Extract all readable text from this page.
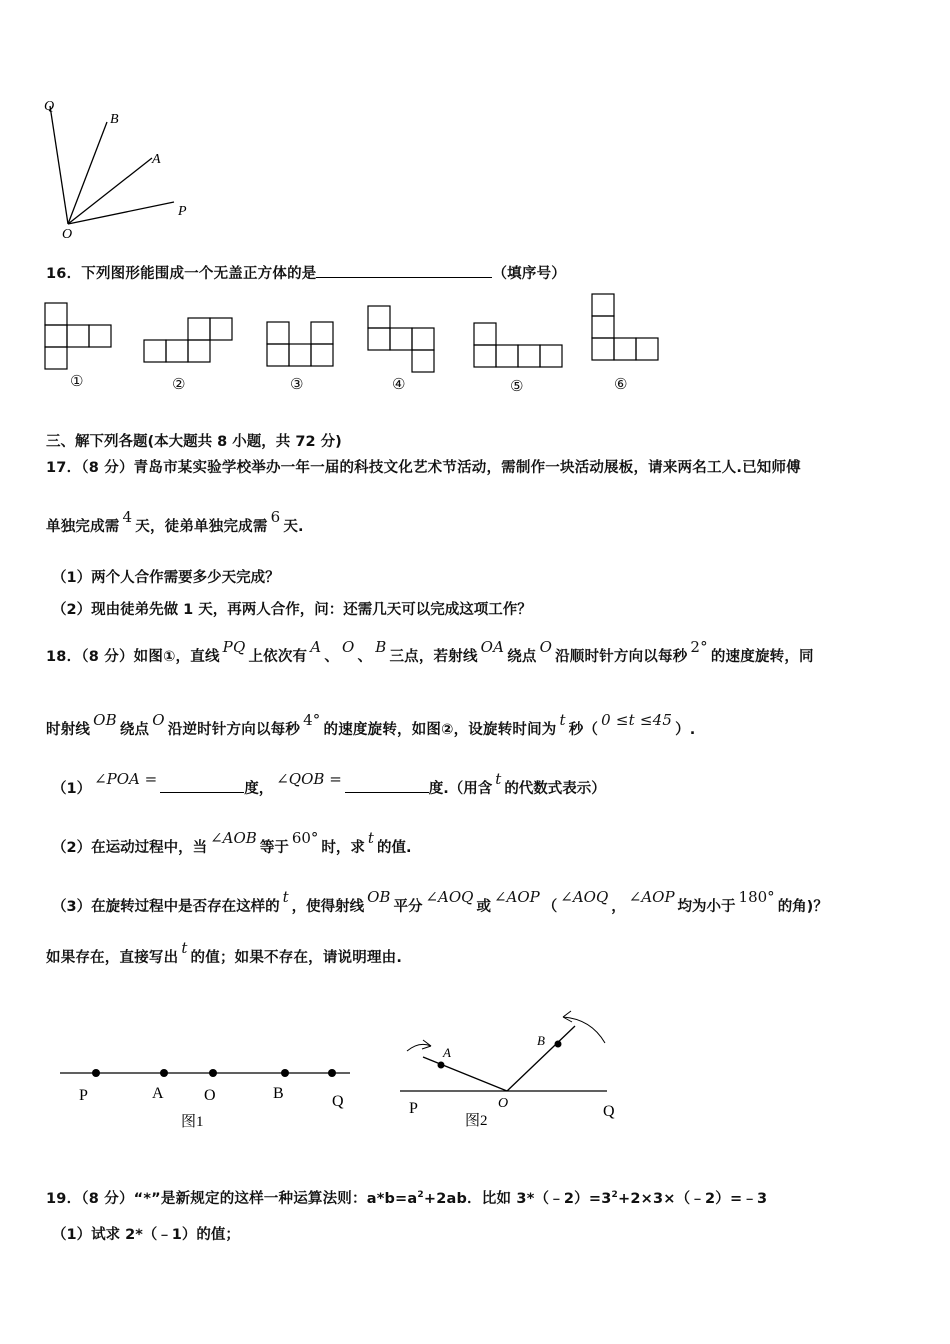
Q
B
A
P
O
16．下列图形能围成一个无盖正方体的是	（填序号）
①	②	③	④	⑤	⑥
三、解下列各题(本大题共 8 小题，共 72 分)
17．（8 分）青岛市某实验学校举办一年一届的科技文化艺术节活动，需制作一块活动展板，请来两名工人.已知师傅
单独完成需4天，徒弟单独完成需6天.
（1）两个人合作需要多少天完成？
（2）现由徒弟先做 1 天，再两人合作，问：还需几天可以完成这项工作？
18．（8 分）如图①，直线PQ上依次有A、O、B三点，若射线OA绕点O沿顺时针方向以每秒2°的速度旋转，同
时射线OB绕点O沿逆时针方向以每秒4°的速度旋转，如图②，设旋转时间为t秒（0 ≤t ≤45）.
（1）∠POA =度，∠QOB =度.（用含t的代数式表示）
（2）在运动过程中，当∠AOB等于60°时，求t的值.
（3）在旋转过程中是否存在这样的t，使得射线OB平分∠AOQ或∠AOP（∠AOQ，∠AOP均为小于180°的角)？
如果存在，直接写出t的值；如果不存在，请说明理由.
P	A	O	B	Q
图1
A
B
P	O	Q
图2
19．（8 分）“*”是新规定的这样一种运算法则：$a*b=a^2+2ab$．比如 $3*(﹣2)=3^2+2\times 3\times(﹣2)=﹣3$
（1）试求 2*（﹣1）的值；
